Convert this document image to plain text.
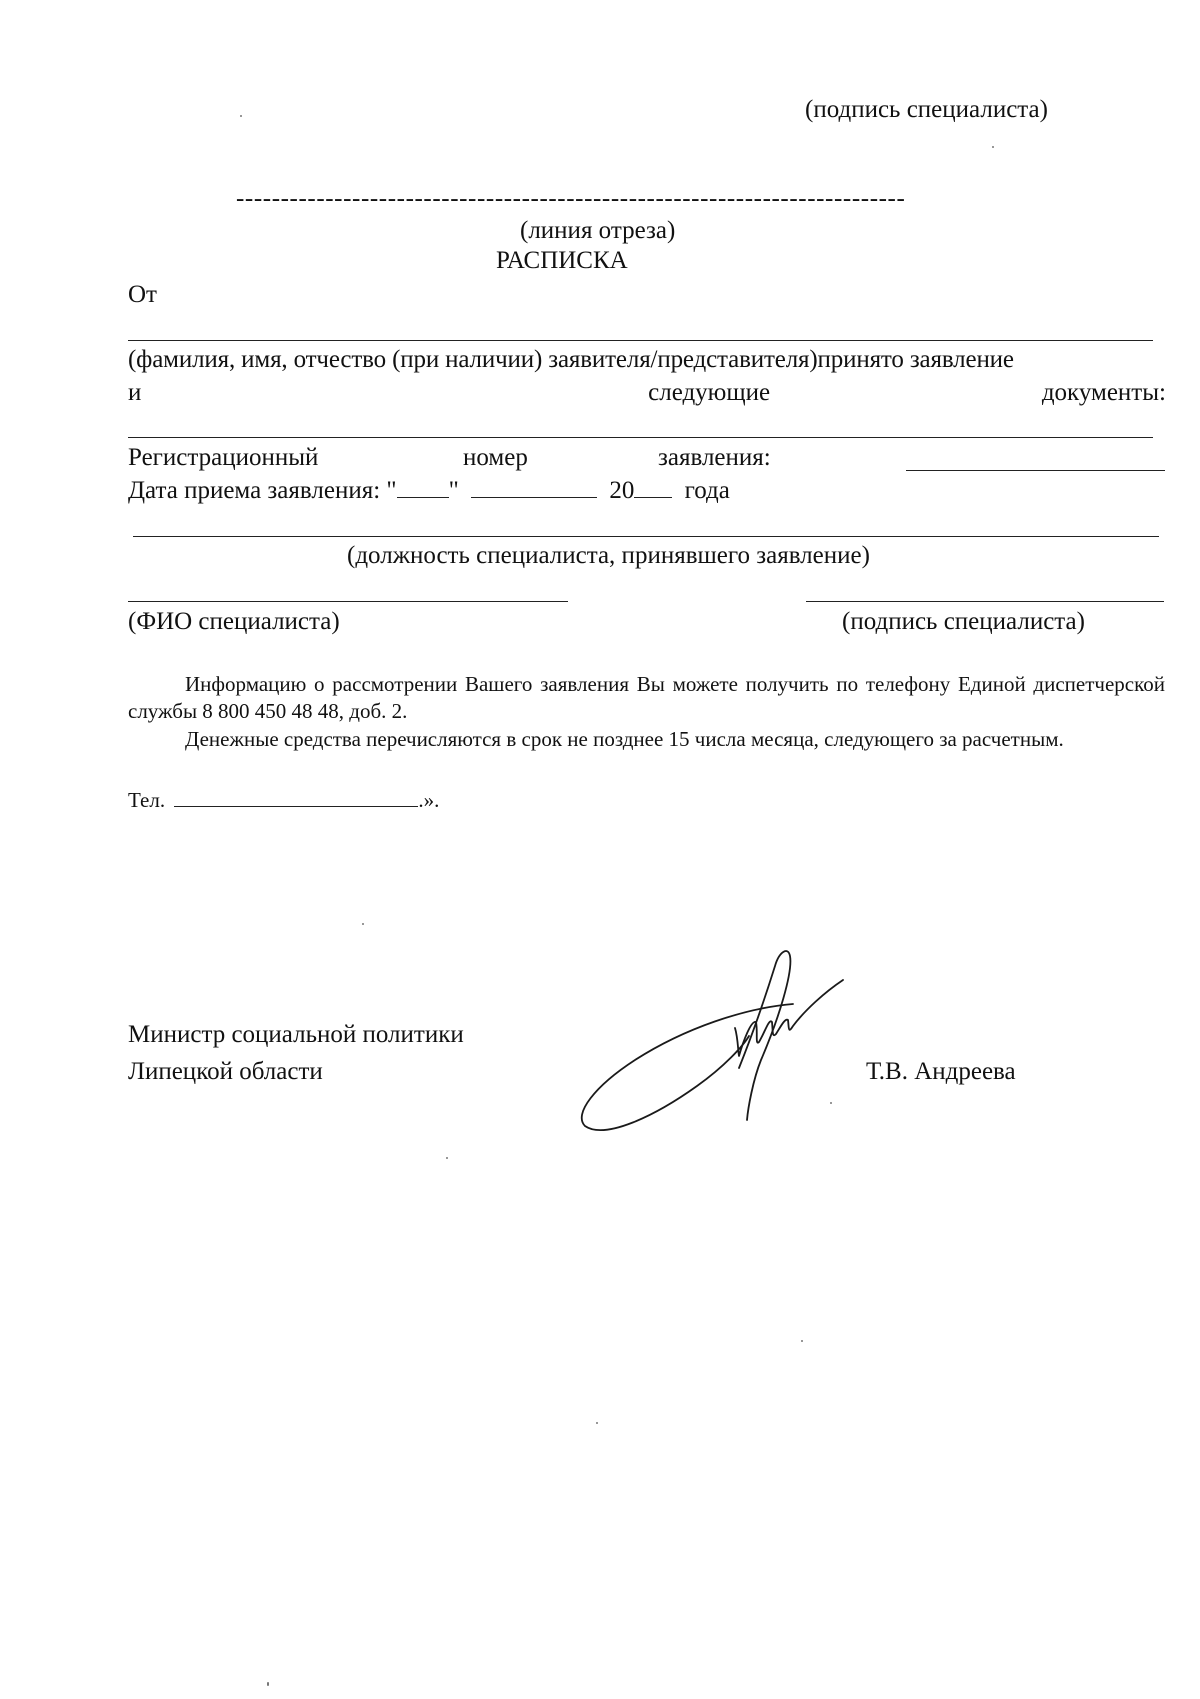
(подпись специалиста)
---------------------------------------------------------------------------
(линия отреза)
РАСПИСКА
От
(фамилия, имя, отчество (при наличии) заявителя/представителя)принято заявление
и	следующие	документы:
Регистрационный	номер	заявления:
Дата приема заявления: " "	20 года
(должность специалиста, принявшего заявление)
(ФИО специалиста)	(подпись специалиста)
Информацию о рассмотрении Вашего заявления Вы можете получить по телефону Единой диспетчерской службы 8 800 450 48 48, доб. 2.
Денежные средства перечисляются в срок не позднее 15 числа месяца, следующего за расчетным.
Тел.	.».
Министр социальной политики
Липецкой области	Т.В. Андреева
